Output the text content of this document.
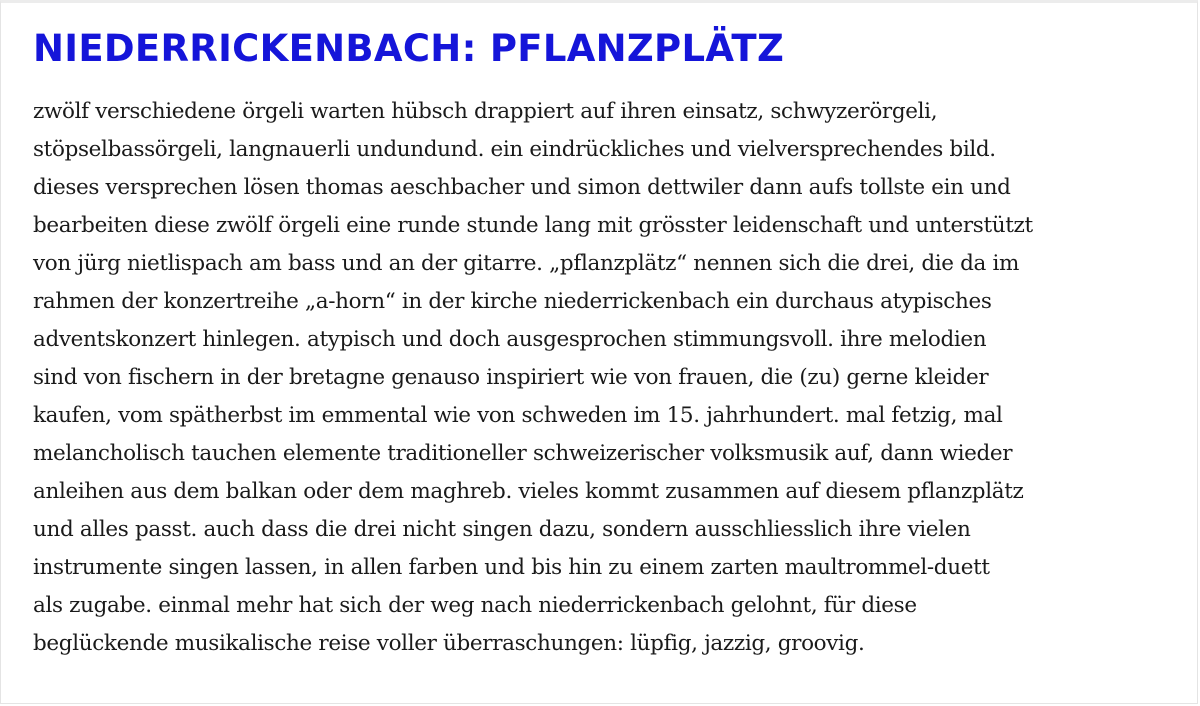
NIEDERRICKENBACH: PFLANZPLÄTZ
zwölf verschiedene örgeli warten hübsch drappiert auf ihren einsatz, schwyzerörgeli,
stöpselbassörgeli, langnauerli undundund. ein eindrückliches und vielversprechendes bild.
dieses versprechen lösen thomas aeschbacher und simon dettwiler dann aufs tollste ein und
bearbeiten diese zwölf örgeli eine runde stunde lang mit grösster leidenschaft und unterstützt
von jürg nietlispach am bass und an der gitarre. „pflanzplätz“ nennen sich die drei, die da im
rahmen der konzertreihe „a-horn“ in der kirche niederrickenbach ein durchaus atypisches
adventskonzert hinlegen. atypisch und doch ausgesprochen stimmungsvoll. ihre melodien
sind von fischern in der bretagne genauso inspiriert wie von frauen, die (zu) gerne kleider
kaufen, vom spätherbst im emmental wie von schweden im 15. jahrhundert. mal fetzig, mal
melancholisch tauchen elemente traditioneller schweizerischer volksmusik auf, dann wieder
anleihen aus dem balkan oder dem maghreb. vieles kommt zusammen auf diesem pflanzplätz
und alles passt. auch dass die drei nicht singen dazu, sondern ausschliesslich ihre vielen
instrumente singen lassen, in allen farben und bis hin zu einem zarten maultrommel-duett
als zugabe. einmal mehr hat sich der weg nach niederrickenbach gelohnt, für diese
beglückende musikalische reise voller überraschungen: lüpfig, jazzig, groovig.
